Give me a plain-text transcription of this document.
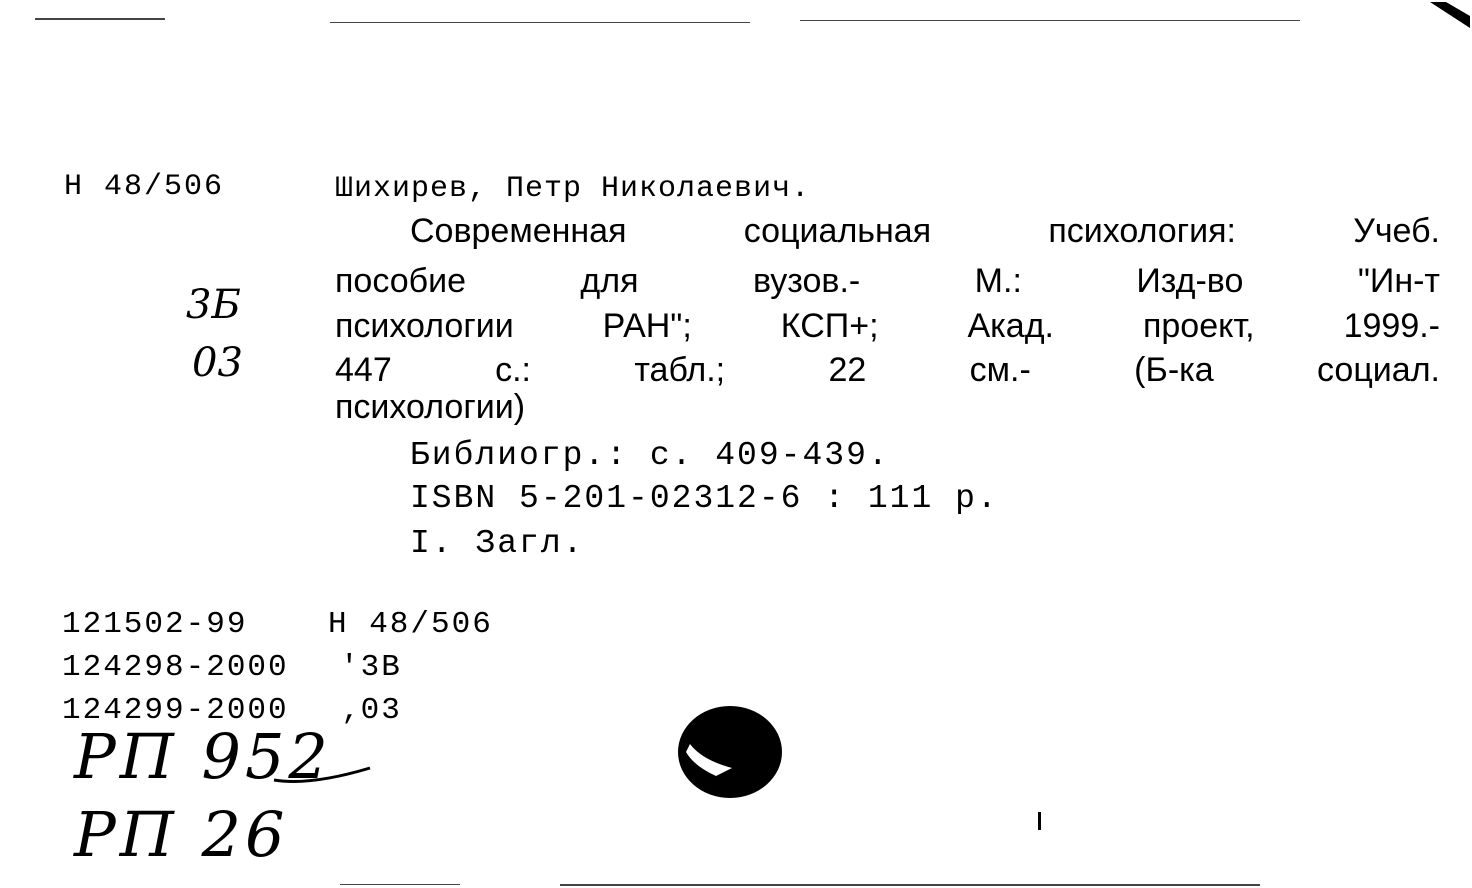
Н 48/506
3Б
03
Шихирев, Петр Николаевич.
Современная социальная психология: Учеб.
пособие для вузов.- М.: Изд-во "Ин-т
психологии РАН"; КСП+; Акад. проект, 1999.-
447 с.: табл.; 22 см.- (Б-ка социал.
психологии)
Библиогр.: с. 409-439.
ISBN 5-201-02312-6 : 111 р.
I. Загл.
121502-99	Н 48/506
124298-2000 '3В
124299-2000 ‚03
РП 952
РП 26
